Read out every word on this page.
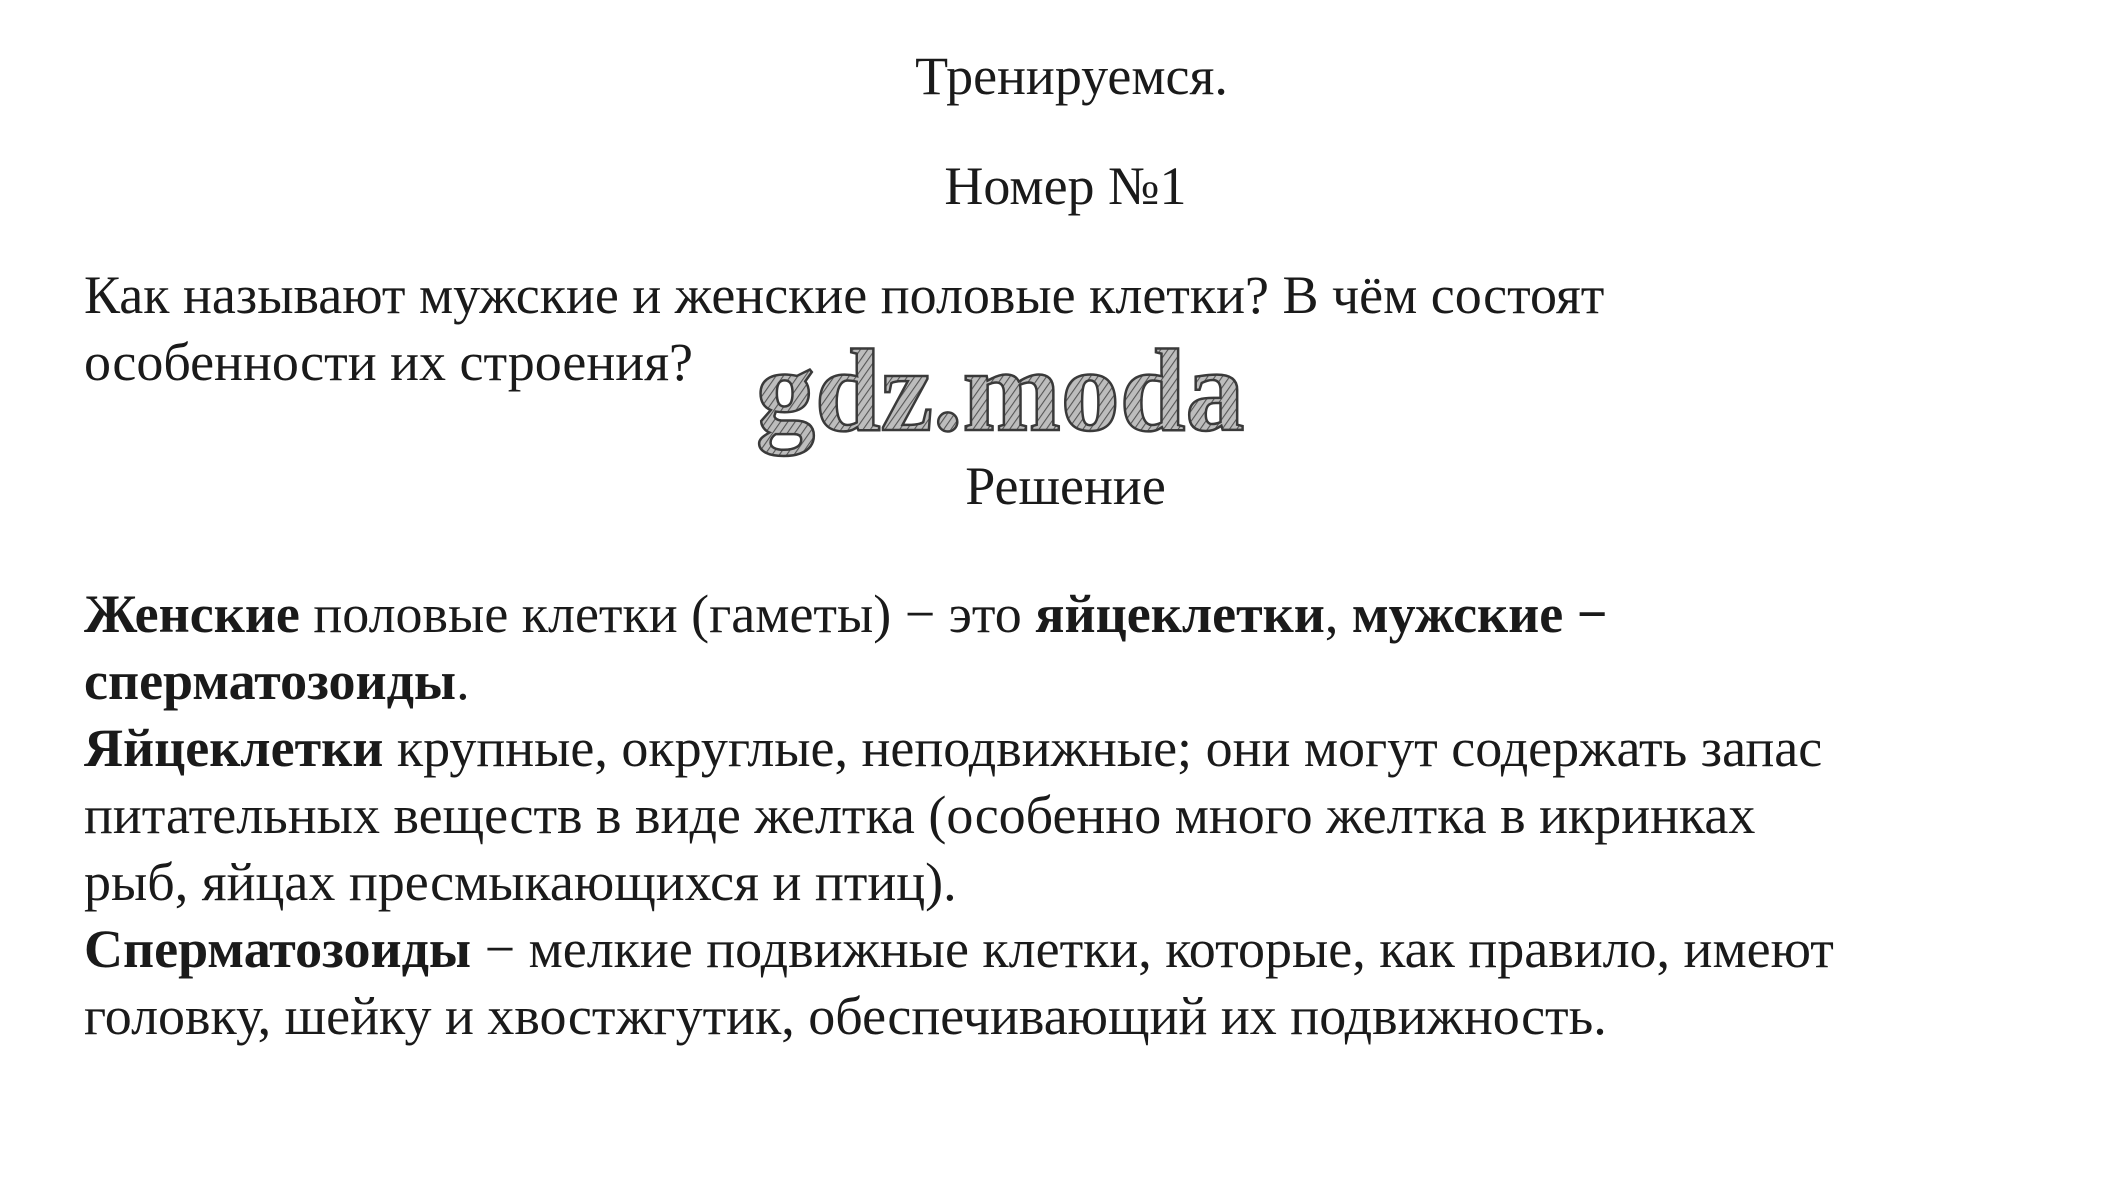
Тренируемся.
Номер №1

Как называют мужские и женские половые клетки? В чём состоят

особенности их строения? gdz.moda
Решение

Женские половые клетки (гаметы) − это яйцеклетки, мужские −

сперматозоиды.

Яйцеклетки крупные, округлые, неподвижные; они могут содержать запас

питательных веществ в виде желтка (особенно много желтка в икринках

рыб, яйцах пресмыкающихся и птиц).

Сперматозоиды − мелкие подвижные клетки, которые, как правило, имеют

головку, шейку и хвостжгутик, обеспечивающий их подвижность.
